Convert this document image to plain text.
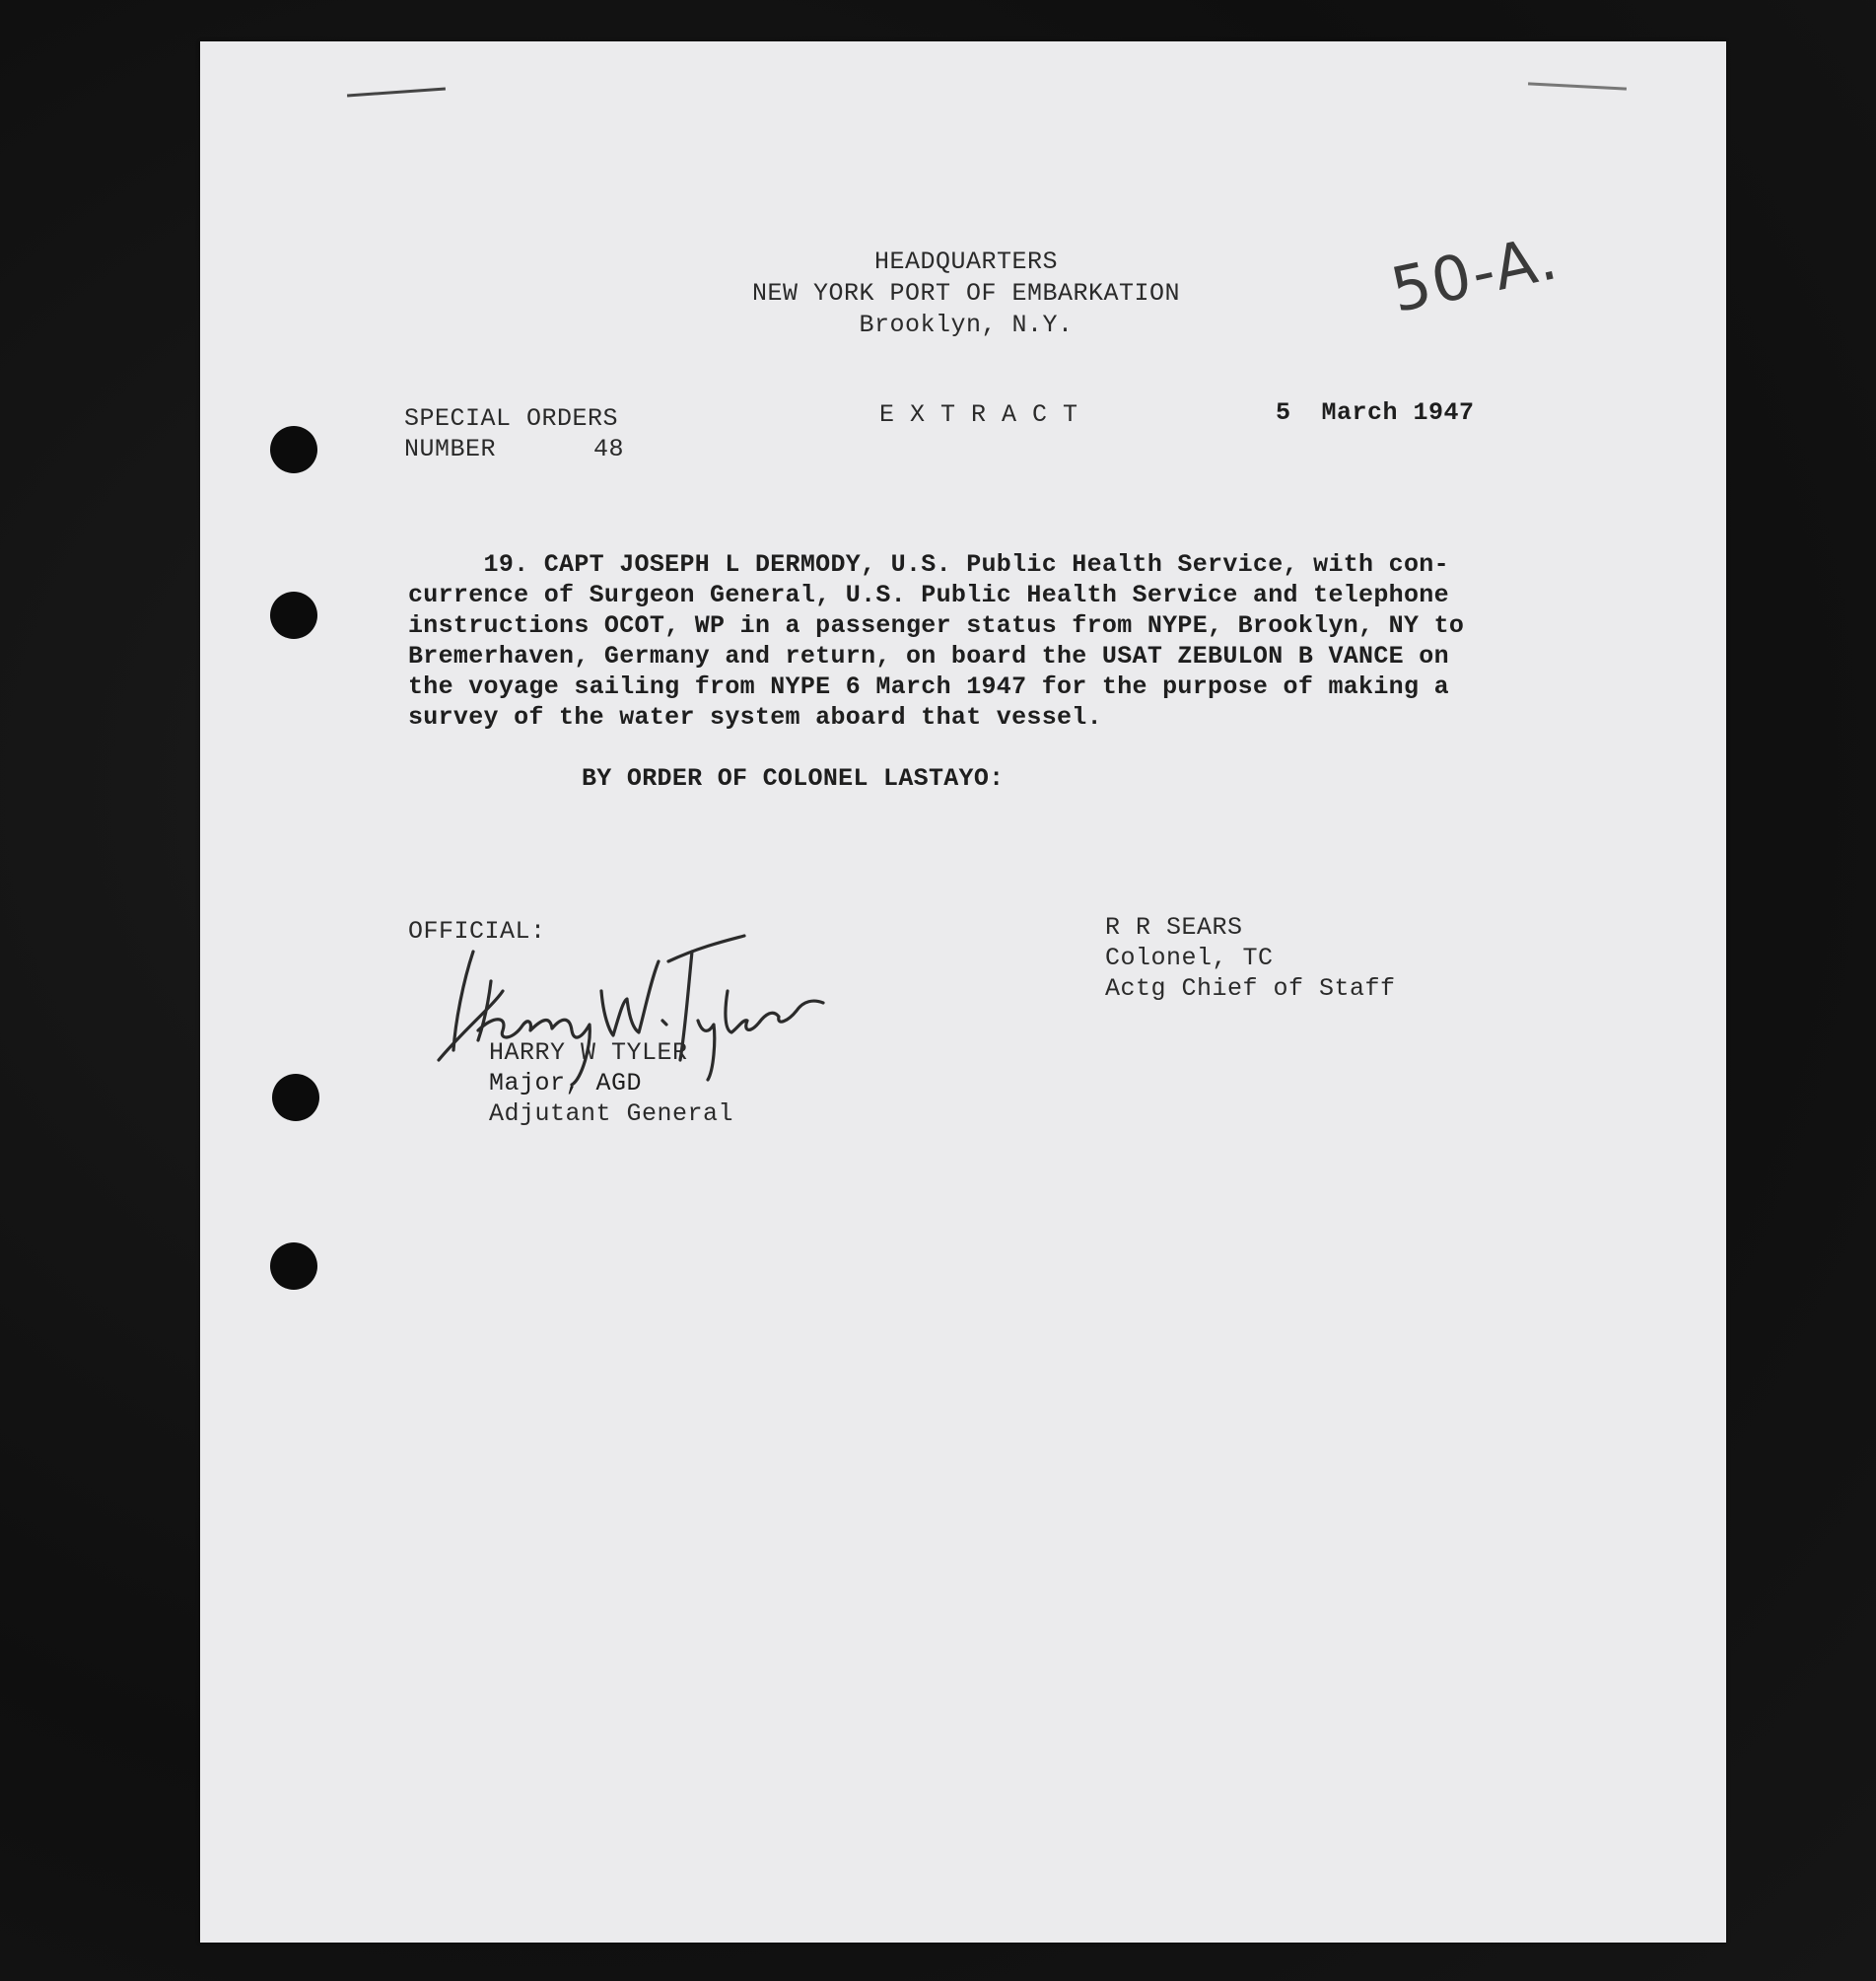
HEADQUARTERS
NEW YORK PORT OF EMBARKATION
Brooklyn, N.Y.	50-A.
SPECIAL ORDERS
NUMBER	48
EXTRACT	5  March 1947
19. CAPT JOSEPH L DERMODY, U.S. Public Health Service, with con-
currence of Surgeon General, U.S. Public Health Service and telephone
instructions OCOT, WP in a passenger status from NYPE, Brooklyn, NY to
Bremerhaven, Germany and return, on board the USAT ZEBULON B VANCE on
the voyage sailing from NYPE 6 March 1947 for the purpose of making a
survey of the water system aboard that vessel.
BY ORDER OF COLONEL LASTAYO:
OFFICIAL:
HARRY W TYLER
Major, AGD
Adjutant General
R R SEARS
Colonel, TC
Actg Chief of Staff
